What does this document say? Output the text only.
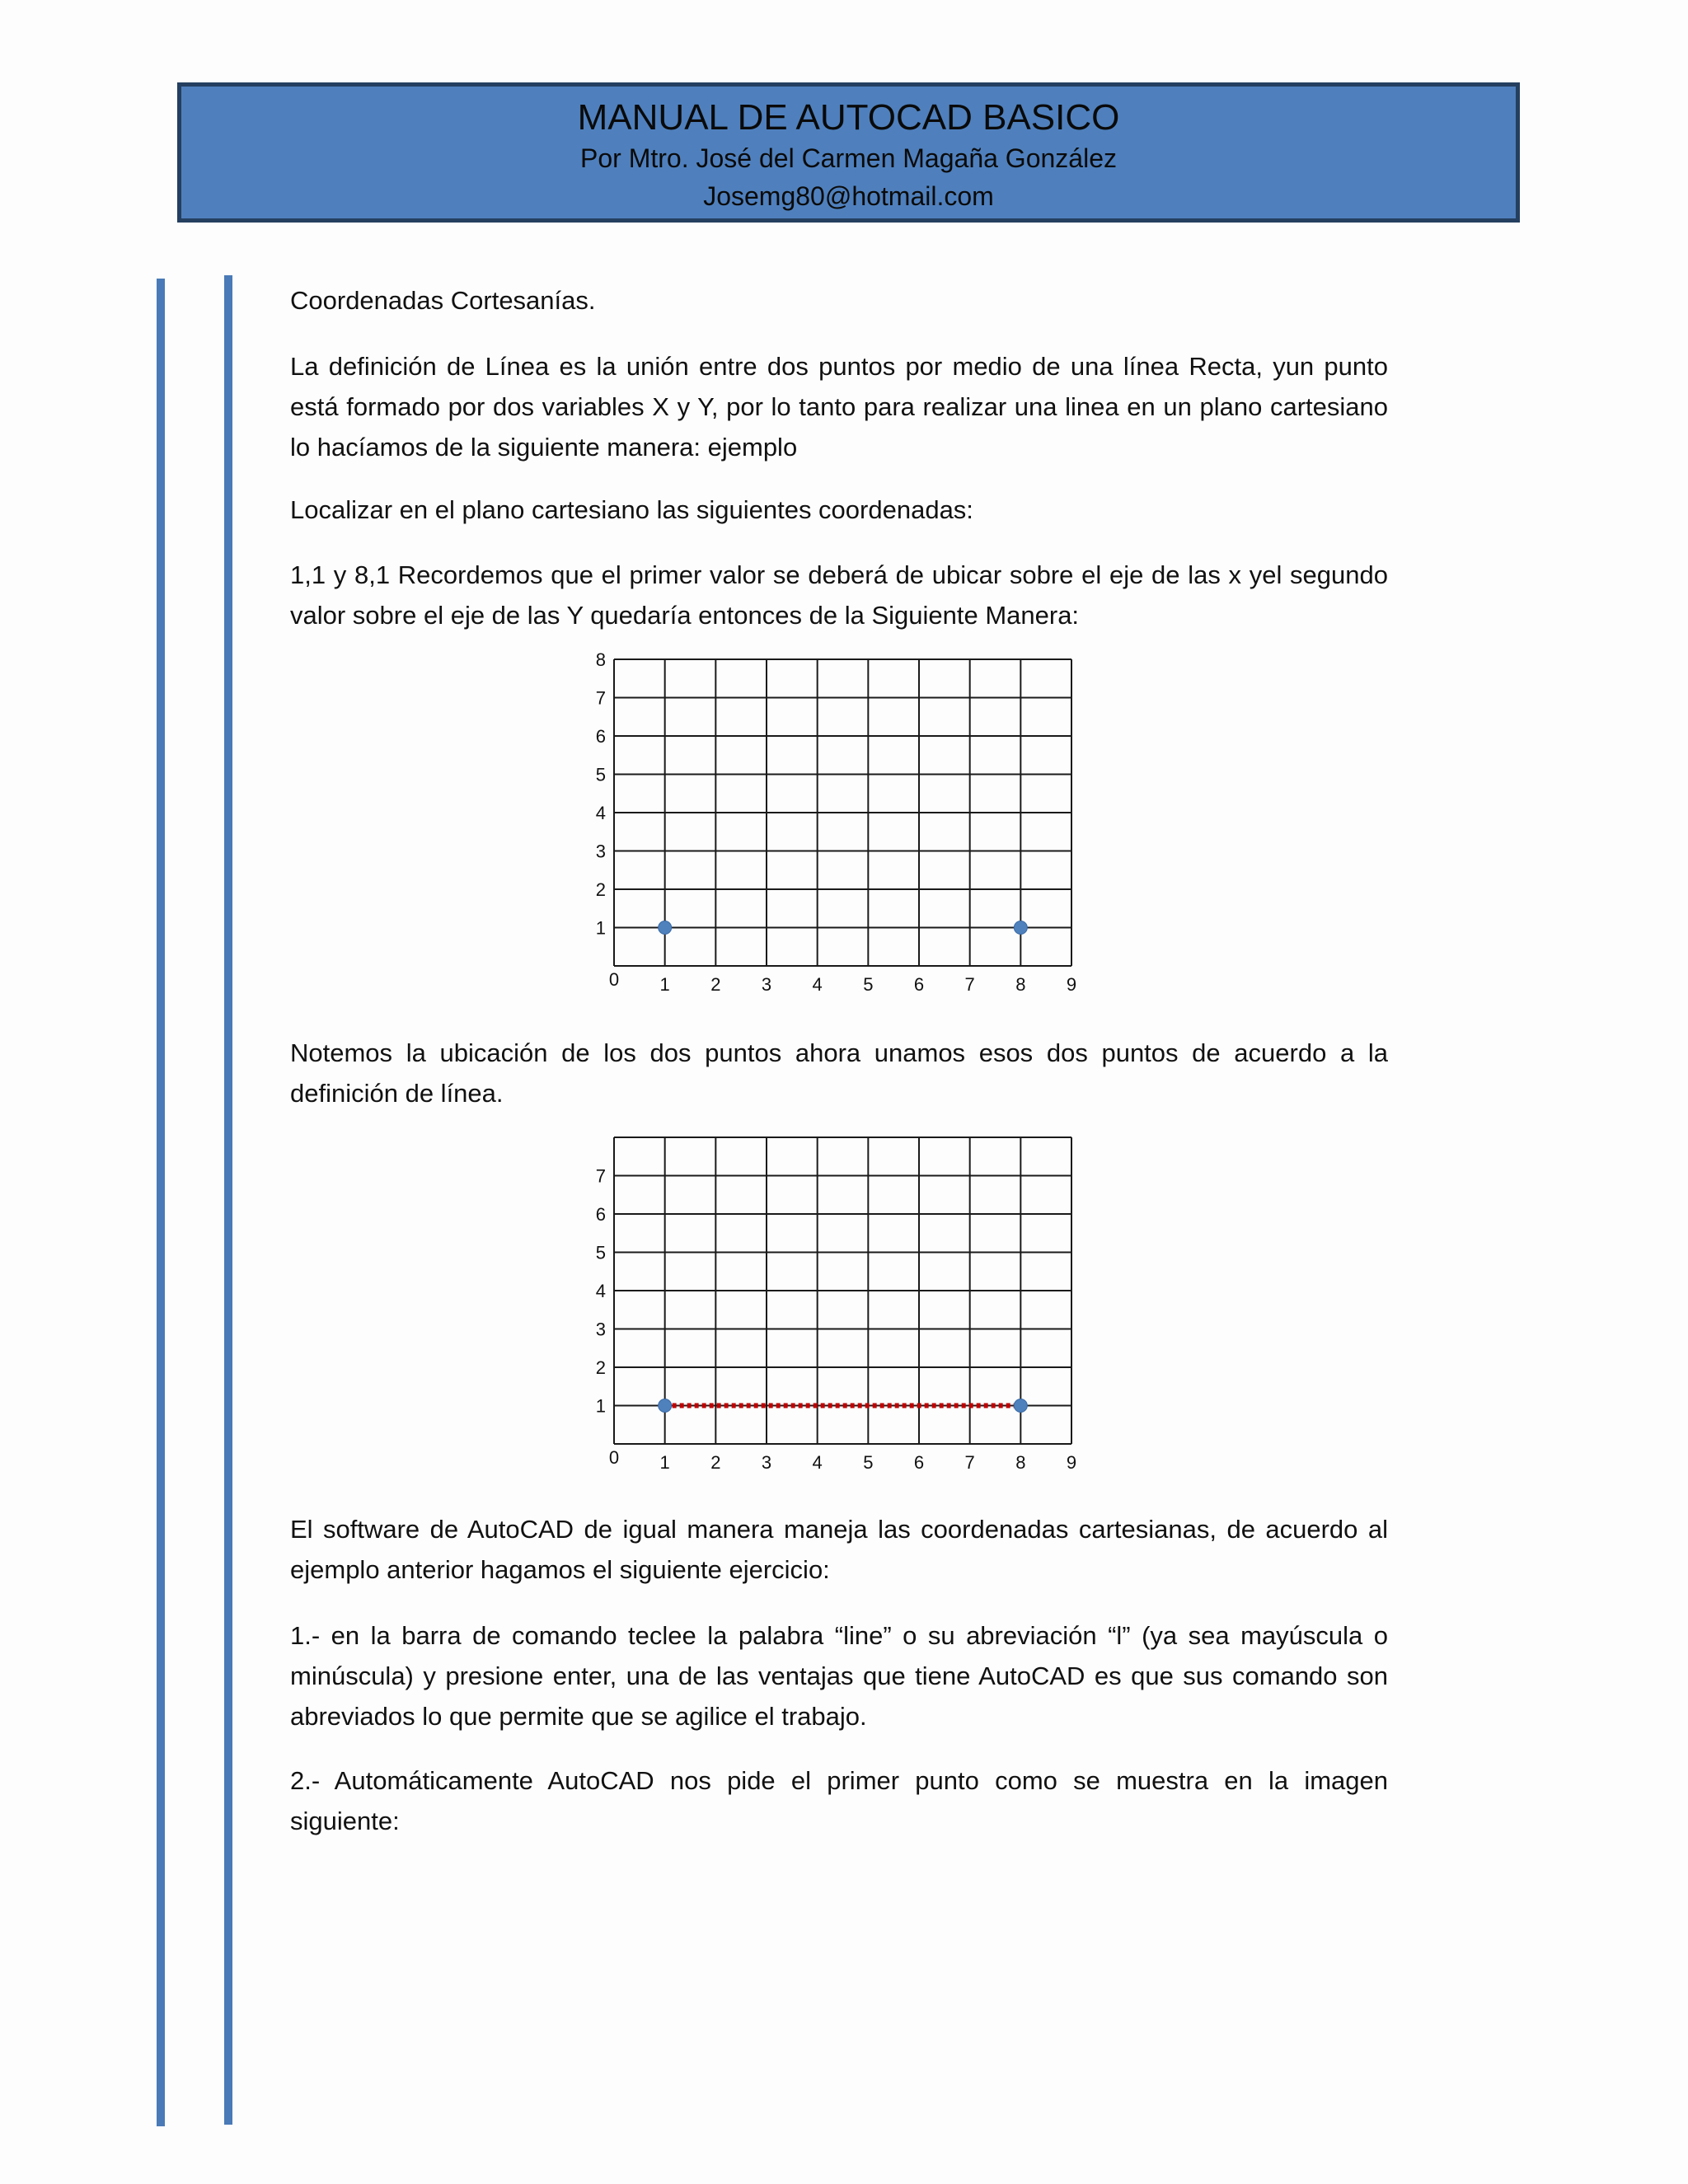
MANUAL DE AUTOCAD BASICO
Por Mtro. José del Carmen Magaña González
Josemg80@hotmail.com
Coordenadas Cortesanías.
La definición de Línea es la unión entre dos puntos por medio de una línea Recta, yun punto está formado por dos variables X y Y, por lo tanto para realizar una linea en un plano cartesiano lo hacíamos de la siguiente manera: ejemplo
Localizar en el plano cartesiano las siguientes coordenadas:
1,1 y 8,1 Recordemos que el primer valor se deberá de ubicar sobre el eje de las x yel segundo valor sobre el eje de las Y quedaría entonces de la Siguiente Manera:
0 1 2 3 4 5 6 7 8 9
1
2
3
4
5
6
7
8
Notemos la ubicación de los dos puntos ahora unamos esos dos puntos de acuerdo a la definición de línea.
0 1 2 3 4 5 6 7 8 9
1
2
3
4
5
6
7
El software de AutoCAD de igual manera maneja las coordenadas cartesianas, de acuerdo al ejemplo anterior hagamos el siguiente ejercicio:
1.- en la barra de comando teclee la palabra “line” o su abreviación “l” (ya sea mayúscula o minúscula) y presione enter, una de las ventajas que tiene AutoCAD es que sus comando son abreviados lo que permite que se agilice el trabajo.
2.- Automáticamente AutoCAD nos pide el primer punto como se muestra en la imagen siguiente:
